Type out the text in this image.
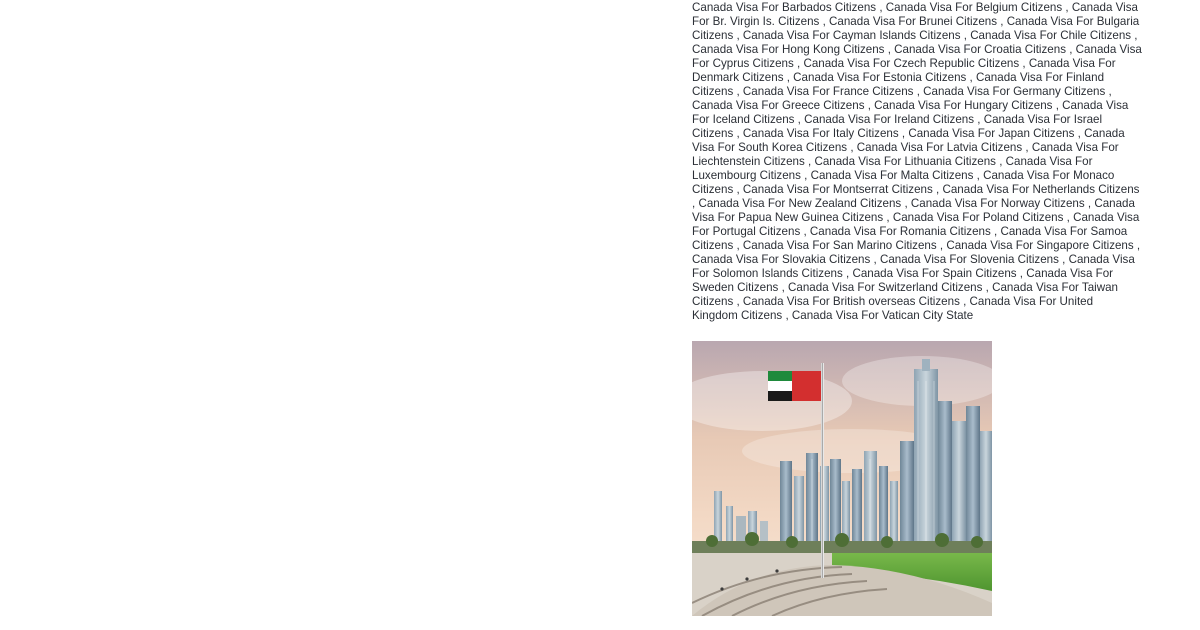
Canada Visa For Barbados Citizens , Canada Visa For Belgium Citizens , Canada Visa For Br. Virgin Is. Citizens , Canada Visa For Brunei Citizens , Canada Visa For Bulgaria Citizens , Canada Visa For Cayman Islands Citizens , Canada Visa For Chile Citizens , Canada Visa For Hong Kong Citizens , Canada Visa For Croatia Citizens , Canada Visa For Cyprus Citizens , Canada Visa For Czech Republic Citizens , Canada Visa For Denmark Citizens , Canada Visa For Estonia Citizens , Canada Visa For Finland Citizens , Canada Visa For France Citizens , Canada Visa For Germany Citizens , Canada Visa For Greece Citizens , Canada Visa For Hungary Citizens , Canada Visa For Iceland Citizens , Canada Visa For Ireland Citizens , Canada Visa For Israel Citizens , Canada Visa For Italy Citizens , Canada Visa For Japan Citizens , Canada Visa For South Korea Citizens , Canada Visa For Latvia Citizens , Canada Visa For Liechtenstein Citizens , Canada Visa For Lithuania Citizens , Canada Visa For Luxembourg Citizens , Canada Visa For Malta Citizens , Canada Visa For Monaco Citizens , Canada Visa For Montserrat Citizens , Canada Visa For Netherlands Citizens , Canada Visa For New Zealand Citizens , Canada Visa For Norway Citizens , Canada Visa For Papua New Guinea Citizens , Canada Visa For Poland Citizens , Canada Visa For Portugal Citizens , Canada Visa For Romania Citizens , Canada Visa For Samoa Citizens , Canada Visa For San Marino Citizens , Canada Visa For Singapore Citizens , Canada Visa For Slovakia Citizens , Canada Visa For Slovenia Citizens , Canada Visa For Solomon Islands Citizens , Canada Visa For Spain Citizens , Canada Visa For Sweden Citizens , Canada Visa For Switzerland Citizens , Canada Visa For Taiwan Citizens , Canada Visa For British overseas Citizens , Canada Visa For United Kingdom Citizens , Canada Visa For Vatican City State
